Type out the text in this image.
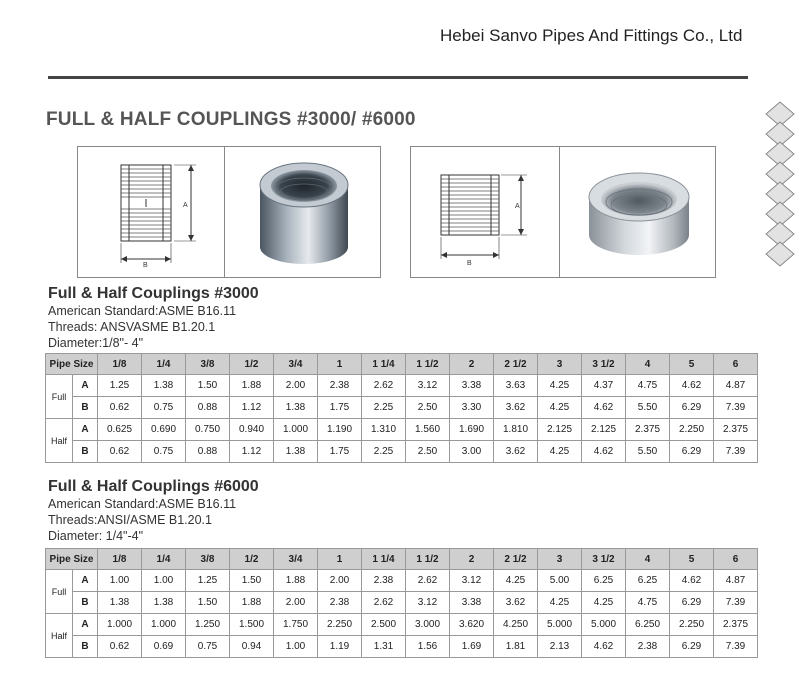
Hebei Sanvo Pipes And Fittings Co., Ltd
FULL & HALF COUPLINGS #3000/ #6000
A
B
A
B
Full & Half Couplings #3000
American Standard:ASME B16.11
Threads: ANSVASME B1.20.1
Diameter:1/8"- 4"
Pipe Size		1/8	1/4	3/8	1/2	3/4	1	1 1/4	1 1/2	2	2 1/2	3	3 1/2	4	5	6
Full	A	1.25	1.38	1.50	1.88	2.00	2.38	2.62	3.12	3.38	3.63	4.25	4.37	4.75	4.62	4.87
	B	0.62	0.75	0.88	1.12	1.38	1.75	2.25	2.50	3.30	3.62	4.25	4.62	5.50	6.29	7.39
Half	A	0.625	0.690	0.750	0.940	1.000	1.190	1.310	1.560	1.690	1.810	2.125	2.125	2.375	2.250	2.375
	B	0.62	0.75	0.88	1.12	1.38	1.75	2.25	2.50	3.00	3.62	4.25	4.62	5.50	6.29	7.39
Full & Half Couplings #6000
American Standard:ASME B16.11
Threads:ANSI/ASME B1.20.1
Diameter: 1/4"-4"
Pipe Size		1/8	1/4	3/8	1/2	3/4	1	1 1/4	1 1/2	2	2 1/2	3	3 1/2	4	5	6
Full	A	1.00	1.00	1.25	1.50	1.88	2.00	2.38	2.62	3.12	4.25	5.00	6.25	6.25	4.62	4.87
	B	1.38	1.38	1.50	1.88	2.00	2.38	2.62	3.12	3.38	3.62	4.25	4.25	4.75	6.29	7.39
Half	A	1.000	1.000	1.250	1.500	1.750	2.250	2.500	3.000	3.620	4.250	5.000	5.000	6.250	2.250	2.375
	B	0.62	0.69	0.75	0.94	1.00	1.19	1.31	1.56	1.69	1.81	2.13	4.62	2.38	6.29	7.39
